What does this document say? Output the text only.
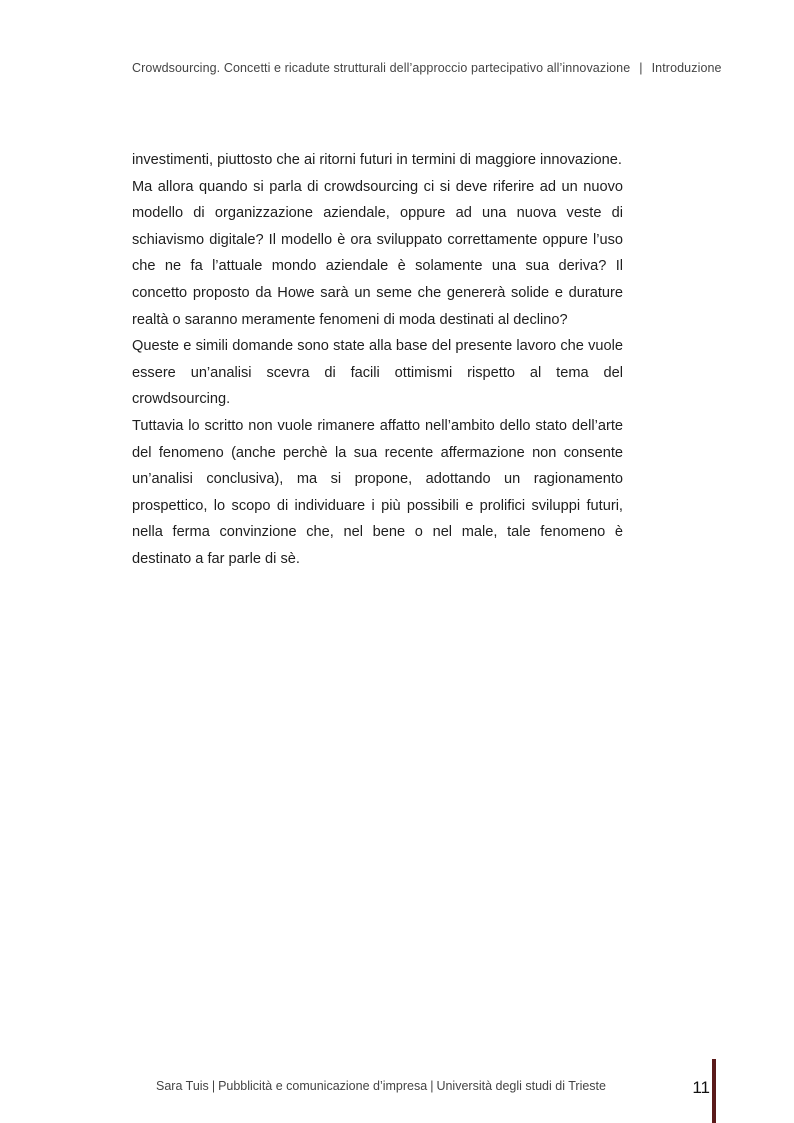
Crowdsourcing. Concetti e ricadute strutturali dell’approccio partecipativo all’innovazione | Introduzione

investimenti, piuttosto che ai ritorni futuri in termini di maggiore innovazione.

Ma allora quando si parla di crowdsourcing ci si deve riferire ad un nuovo modello di organizzazione aziendale, oppure ad una nuova veste di schiavismo digitale? Il modello è ora sviluppato correttamente oppure l’uso che ne fa l’attuale mondo aziendale è solamente una sua deriva? Il concetto proposto da Howe sarà un seme che genererà solide e durature realtà o saranno meramente fenomeni di moda destinati al declino?

Queste e simili domande sono state alla base del presente lavoro che vuole essere un’analisi scevra di facili ottimismi rispetto al tema del crowdsourcing.

Tuttavia lo scritto non vuole rimanere affatto nell’ambito dello stato dell’arte del fenomeno (anche perchè la sua recente affermazione non consente un’analisi conclusiva), ma si propone, adottando un ragionamento prospettico, lo scopo di individuare i più possibili e prolifici sviluppi futuri, nella ferma convinzione che, nel bene o nel male, tale fenomeno è destinato a far parle di sè.

Sara Tuis | Pubblicità e comunicazione d’impresa | Università degli studi di Trieste	11
